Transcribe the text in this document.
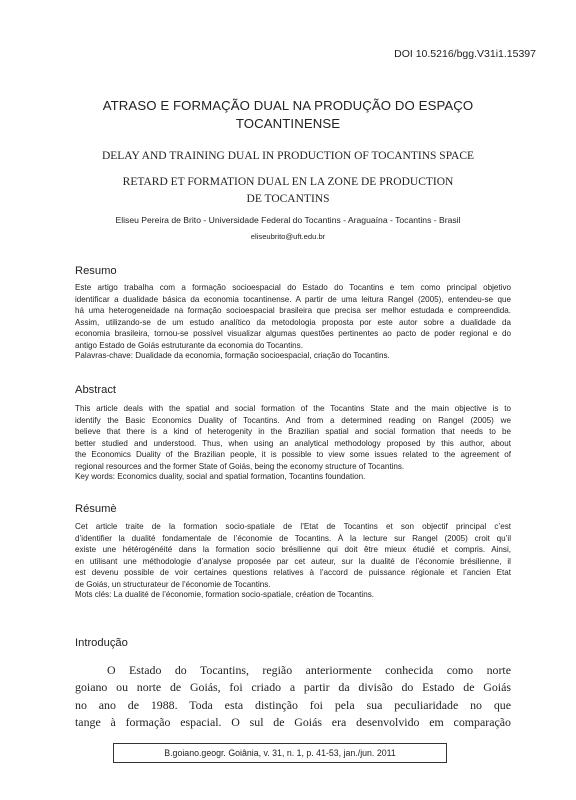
DOI 10.5216/bgg.V31i1.15397
ATRASO E FORMAÇÃO DUAL NA PRODUÇÃO DO ESPAÇO
TOCANTINENSE
DELAY AND TRAINING DUAL IN PRODUCTION OF TOCANTINS SPACE
RETARD ET FORMATION DUAL EN LA ZONE DE PRODUCTION
DE TOCANTINS
Eliseu Pereira de Brito - Universidade Federal do Tocantins - Araguaína - Tocantins - Brasil
eliseubrito@uft.edu.br
Resumo
Este artigo trabalha com a formação socioespacial do Estado do Tocantins e tem como principal objetivo
identificar a dualidade básica da economia tocantinense. A partir de uma leitura Rangel (2005), entendeu-se que
há uma heterogeneidade na formação socioespacial brasileira que precisa ser melhor estudada e compreendida.
Assim, utilizando-se de um estudo analítico da metodologia proposta por este autor sobre a dualidade da
economia brasileira, tornou-se possível visualizar algumas questões pertinentes ao pacto de poder regional e do
antigo Estado de Goiás estruturante da economia do Tocantins.
Palavras-chave: Dualidade da economia, formação socioespacial, criação do Tocantins.
Abstract
This article deals with the spatial and social formation of the Tocantins State and the main objective is to
identify the Basic Economics Duality of Tocantins. And from a determined reading on Rangel (2005) we
believe that there is a kind of heterogenity in the Brazilian spatial and social formation that needs to be
better studied and understood. Thus, when using an analytical methodology proposed by this author, about
the Economics Duality of the Brazilian people, it is possible to view some issues related to the agreement of
regional resources and the former State of Goiás, being the economy structure of Tocantins.
Key words: Economics duality, social and spatial formation, Tocantins foundation.
Résumè
Cet article traite de la formation socio-spatiale de l’Etat de Tocantins et son objectif principal c’est
d’identifier la dualité fondamentale de l’économie de Tocantins. À la lecture sur Rangel (2005) croit qu’il
existe une hétérogénéité dans la formation socio brésilienne qui doit être mieux étudié et compris. Ainsi,
en utilisant une méthodologie d’analyse proposée par cet auteur, sur la dualité de l’économie brésilienne, il
est devenu possible de voir certaines questions relatives à l’accord de puissance régionale et l’ancien Etat
de Goiás, un structurateur de l’économie de Tocantins.
Mots clés: La dualité de l’économie, formation socio-spatiale, création de Tocantins.
Introdução
O Estado do Tocantins, região anteriormente conhecida como norte
goiano ou norte de Goiás, foi criado a partir da divisão do Estado de Goiás
no ano de 1988. Toda esta distinção foi pela sua peculiaridade no que
tange à formação espacial. O sul de Goiás era desenvolvido em comparação
B.goiano.geogr. Goiânia, v. 31, n. 1, p. 41-53, jan./jun. 2011
